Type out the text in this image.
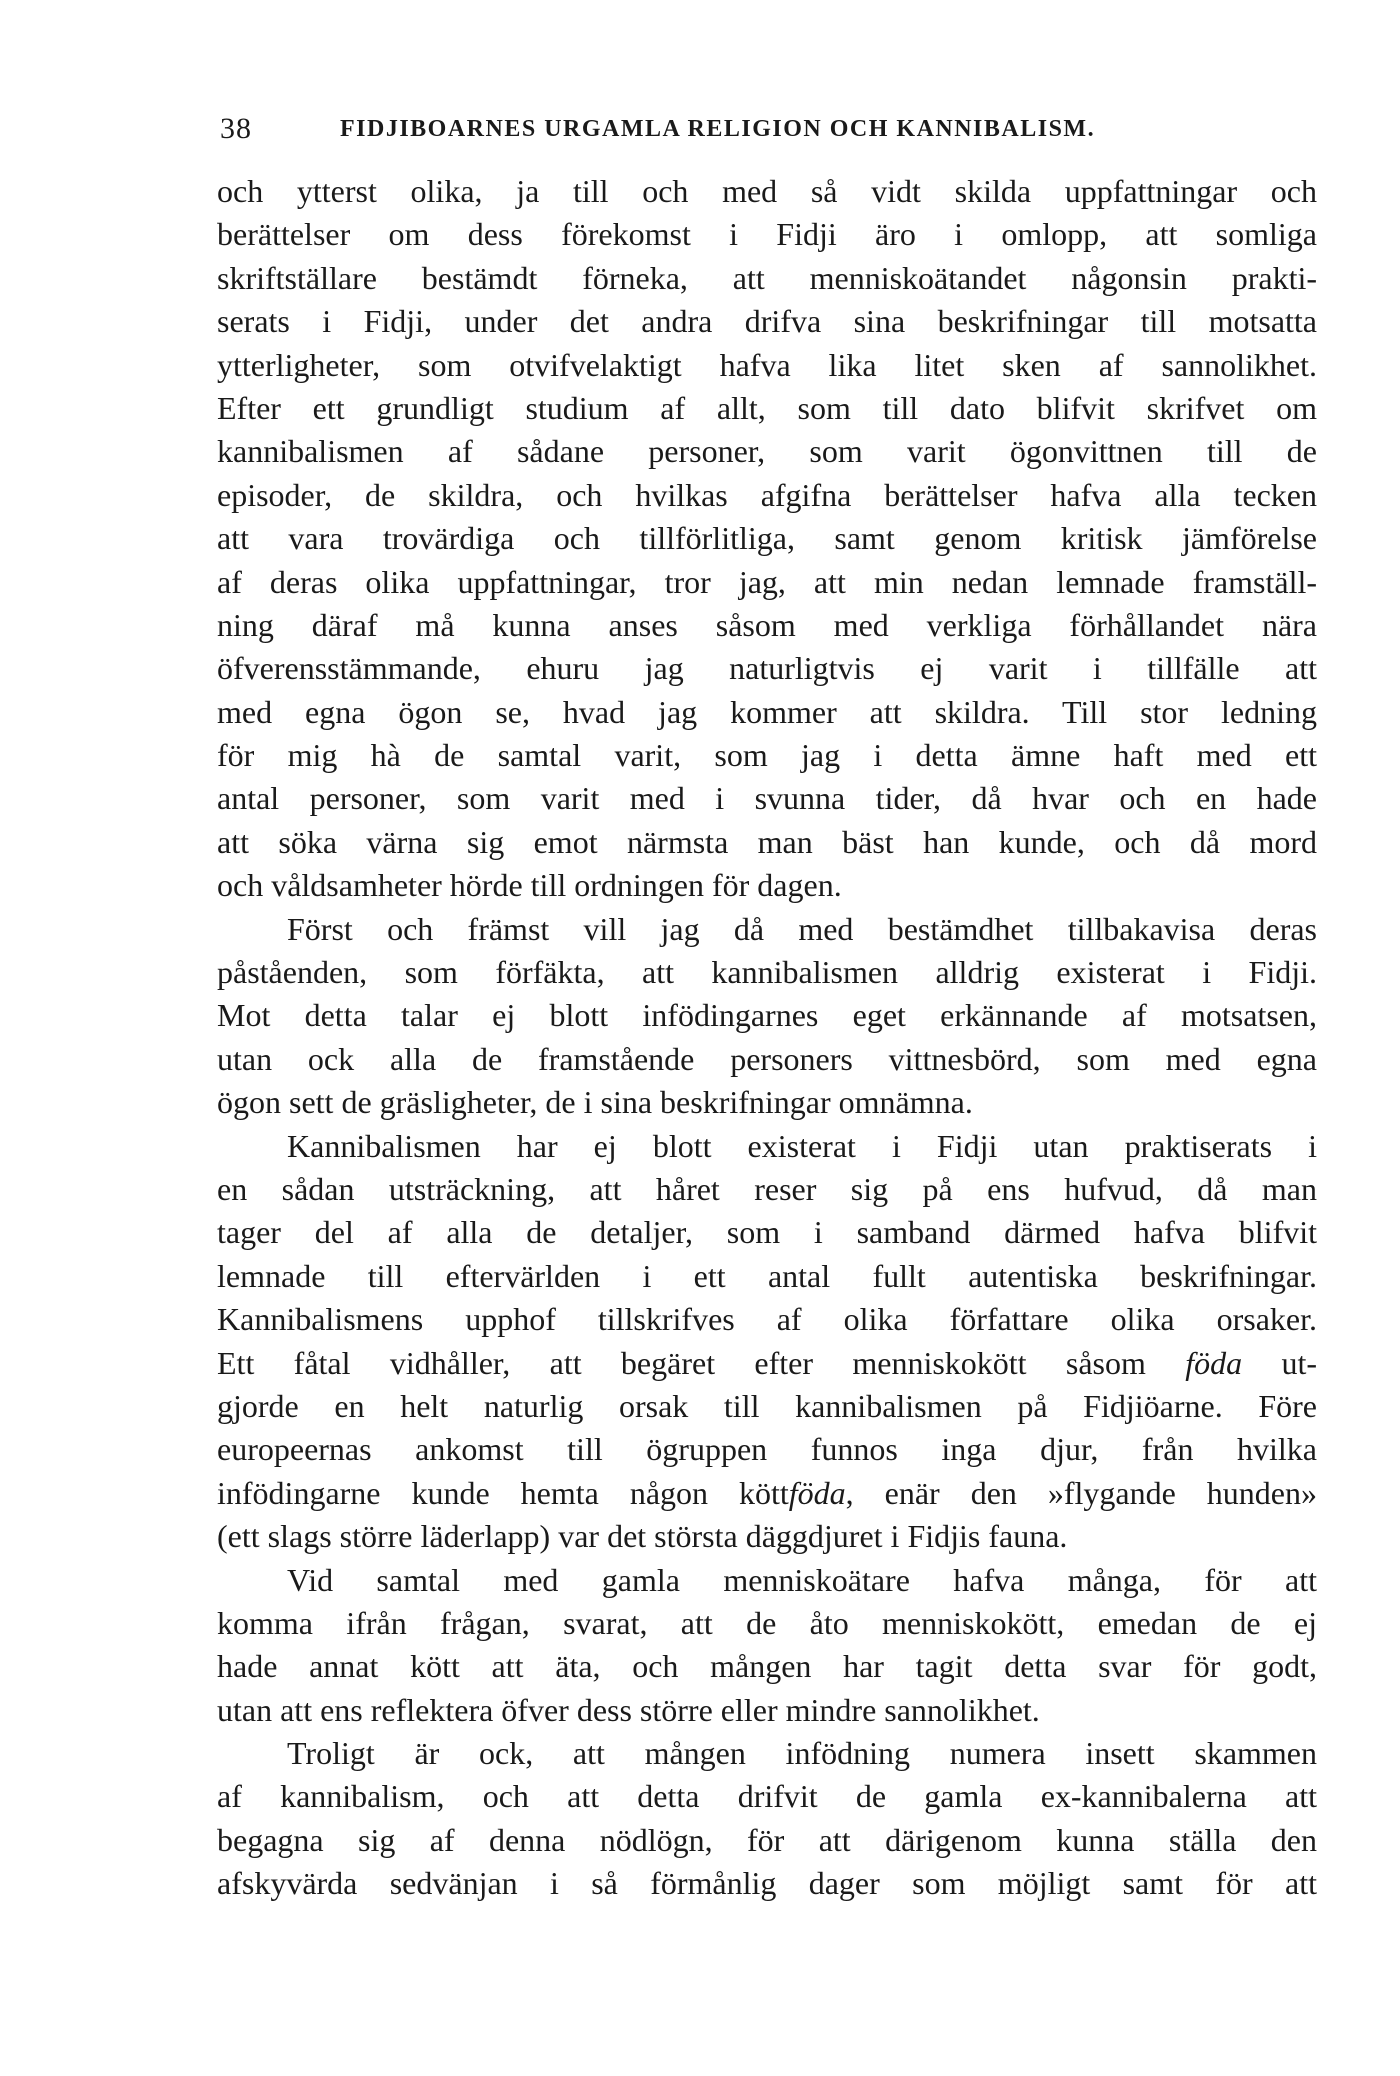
38	FIDJIBOARNES URGAMLA RELIGION OCH KANNIBALISM.
och ytterst olika, ja till och med så vidt skilda uppfattningar och
berättelser om dess förekomst i Fidji äro i omlopp, att somliga
skriftställare bestämdt förneka, att menniskoätandet någonsin prakti-
serats i Fidji, under det andra drifva sina beskrifningar till motsatta
ytterligheter, som otvifvelaktigt hafva lika litet sken af sannolikhet.
Efter ett grundligt studium af allt, som till dato blifvit skrifvet om
kannibalismen af sådane personer, som varit ögonvittnen till de
episoder, de skildra, och hvilkas afgifna berättelser hafva alla tecken
att vara trovärdiga och tillförlitliga, samt genom kritisk jämförelse
af deras olika uppfattningar, tror jag, att min nedan lemnade framställ-
ning däraf må kunna anses såsom med verkliga förhållandet nära
öfverensstämmande, ehuru jag naturligtvis ej varit i tillfälle att
med egna ögon se, hvad jag kommer att skildra. Till stor ledning
för mig hà de samtal varit, som jag i detta ämne haft med ett
antal personer, som varit med i svunna tider, då hvar och en hade
att söka värna sig emot närmsta man bäst han kunde, och då mord
och våldsamheter hörde till ordningen för dagen.
Först och främst vill jag då med bestämdhet tillbakavisa deras
påståenden, som förfäkta, att kannibalismen alldrig existerat i Fidji.
Mot detta talar ej blott infödingarnes eget erkännande af motsatsen,
utan ock alla de framstående personers vittnesbörd, som med egna
ögon sett de gräsligheter, de i sina beskrifningar omnämna.
Kannibalismen har ej blott existerat i Fidji utan praktiserats i
en sådan utsträckning, att håret reser sig på ens hufvud, då man
tager del af alla de detaljer, som i samband därmed hafva blifvit
lemnade till eftervärlden i ett antal fullt autentiska beskrifningar.
Kannibalismens upphof tillskrifves af olika författare olika orsaker.
Ett fåtal vidhåller, att begäret efter menniskokött såsom föda ut-
gjorde en helt naturlig orsak till kannibalismen på Fidjiöarne. Före
europeernas ankomst till ögruppen funnos inga djur, från hvilka
infödingarne kunde hemta någon köttföda, enär den »flygande hunden»
(ett slags större läderlapp) var det största däggdjuret i Fidjis fauna.
Vid samtal med gamla menniskoätare hafva många, för att
komma ifrån frågan, svarat, att de åto menniskokött, emedan de ej
hade annat kött att äta, och mången har tagit detta svar för godt,
utan att ens reflektera öfver dess större eller mindre sannolikhet.
Troligt är ock, att mången infödning numera insett skammen
af kannibalism, och att detta drifvit de gamla ex-kannibalerna att
begagna sig af denna nödlögn, för att därigenom kunna ställa den
afskyvärda sedvänjan i så förmånlig dager som möjligt samt för att
